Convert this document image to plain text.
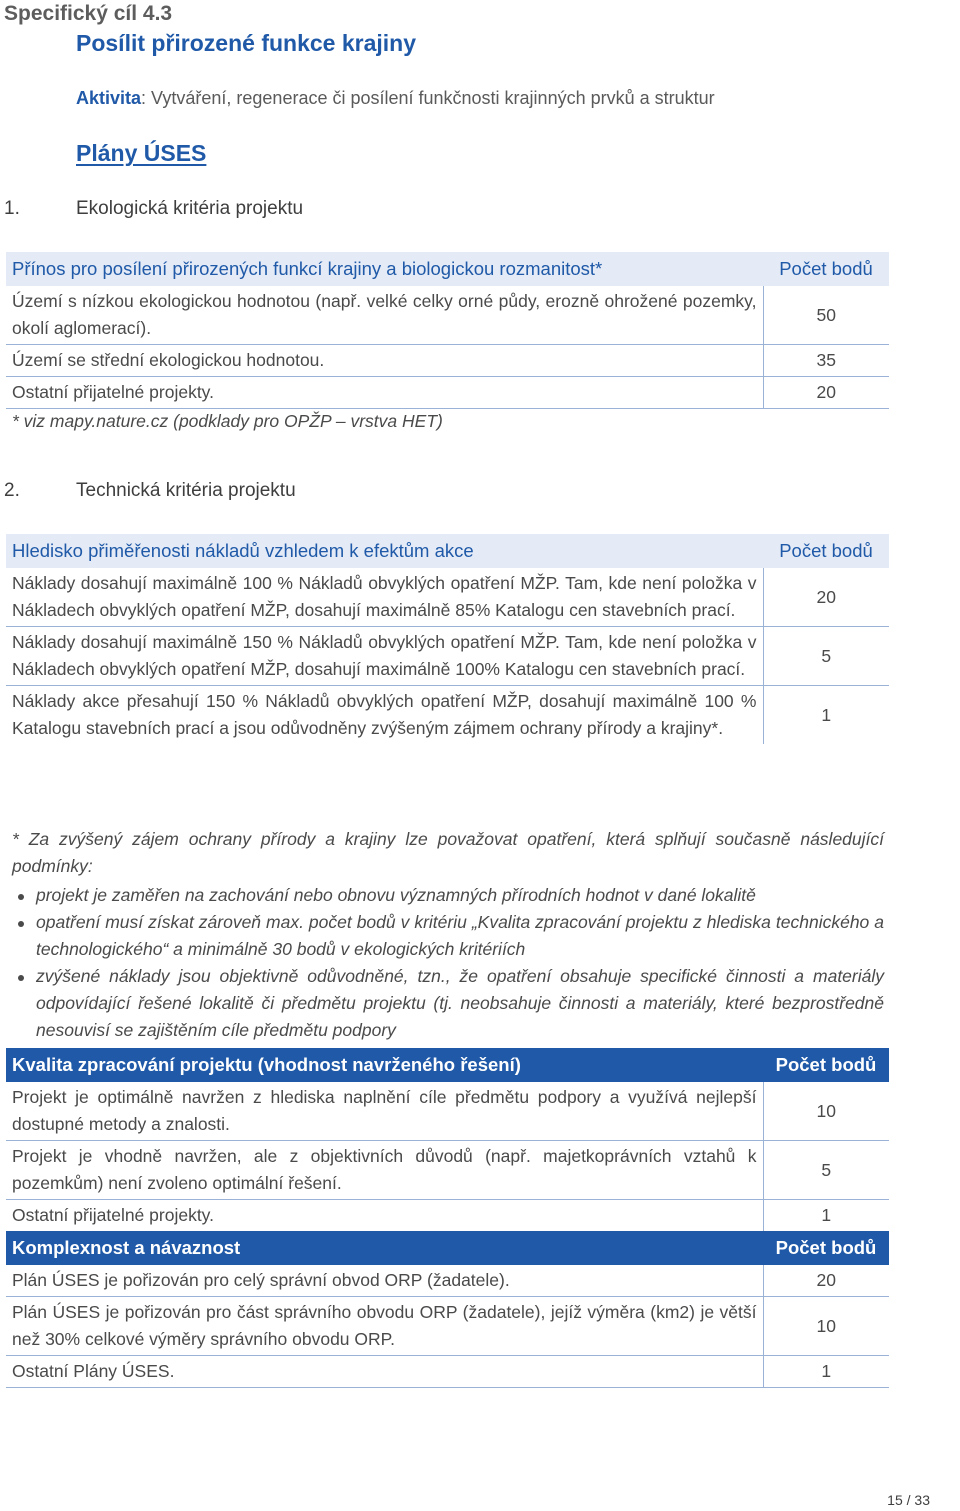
Specifický cíl 4.3
Posílit přirozené funkce krajiny
Aktivita: Vytváření, regenerace či posílení funkčnosti krajinných prvků a struktur
Plány ÚSES
1.	Ekologická kritéria projektu
Přínos pro posílení přirozených funkcí krajiny a biologickou rozmanitost*	Počet bodů
Území s nízkou ekologickou hodnotou (např. velké celky orné půdy, erozně ohrožené pozemky, okolí aglomerací).	50
Území se střední ekologickou hodnotou.	35
Ostatní přijatelné projekty.	20
* viz mapy.nature.cz (podklady pro OPŽP – vrstva HET)
2.	Technická kritéria projektu
Hledisko přiměřenosti nákladů vzhledem k efektům akce	Počet bodů
Náklady dosahují maximálně 100 % Nákladů obvyklých opatření MŽP. Tam, kde není položka v Nákladech obvyklých opatření MŽP, dosahují maximálně 85% Katalogu cen stavebních prací.	20
Náklady dosahují maximálně 150 % Nákladů obvyklých opatření MŽP. Tam, kde není položka v Nákladech obvyklých opatření MŽP, dosahují maximálně 100% Katalogu cen stavebních prací.	5
Náklady akce přesahují 150 % Nákladů obvyklých opatření MŽP, dosahují maximálně 100 % Katalogu stavebních prací a jsou odůvodněny zvýšeným zájmem ochrany přírody a krajiny*.	1
* Za zvýšený zájem ochrany přírody a krajiny lze považovat opatření, která splňují současně následující podmínky:
projekt je zaměřen na zachování nebo obnovu významných přírodních hodnot v dané lokalitě
opatření musí získat zároveň max. počet bodů v kritériu „Kvalita zpracování projektu z hlediska technického a technologického“ a minimálně 30 bodů v ekologických kritériích
zvýšené náklady jsou objektivně odůvodněné, tzn., že opatření obsahuje specifické činnosti a materiály odpovídající řešené lokalitě či předmětu projektu (tj. neobsahuje činnosti a materiály, které bezprostředně nesouvisí se zajištěním cíle předmětu podpory
Kvalita zpracování projektu (vhodnost navrženého řešení)	Počet bodů
Projekt je optimálně navržen z hlediska naplnění cíle předmětu podpory a využívá nejlepší dostupné metody a znalosti.	10
Projekt je vhodně navržen, ale z objektivních důvodů (např. majetkoprávních vztahů k pozemkům) není zvoleno optimální řešení.	5
Ostatní přijatelné projekty.	1
Komplexnost a návaznost	Počet bodů
Plán ÚSES je pořizován pro celý správní obvod ORP (žadatele).	20
Plán ÚSES je pořizován pro část správního obvodu ORP (žadatele), jejíž výměra (km2) je větší než 30% celkové výměry správního obvodu ORP.	10
Ostatní Plány ÚSES.	1
15 / 33
